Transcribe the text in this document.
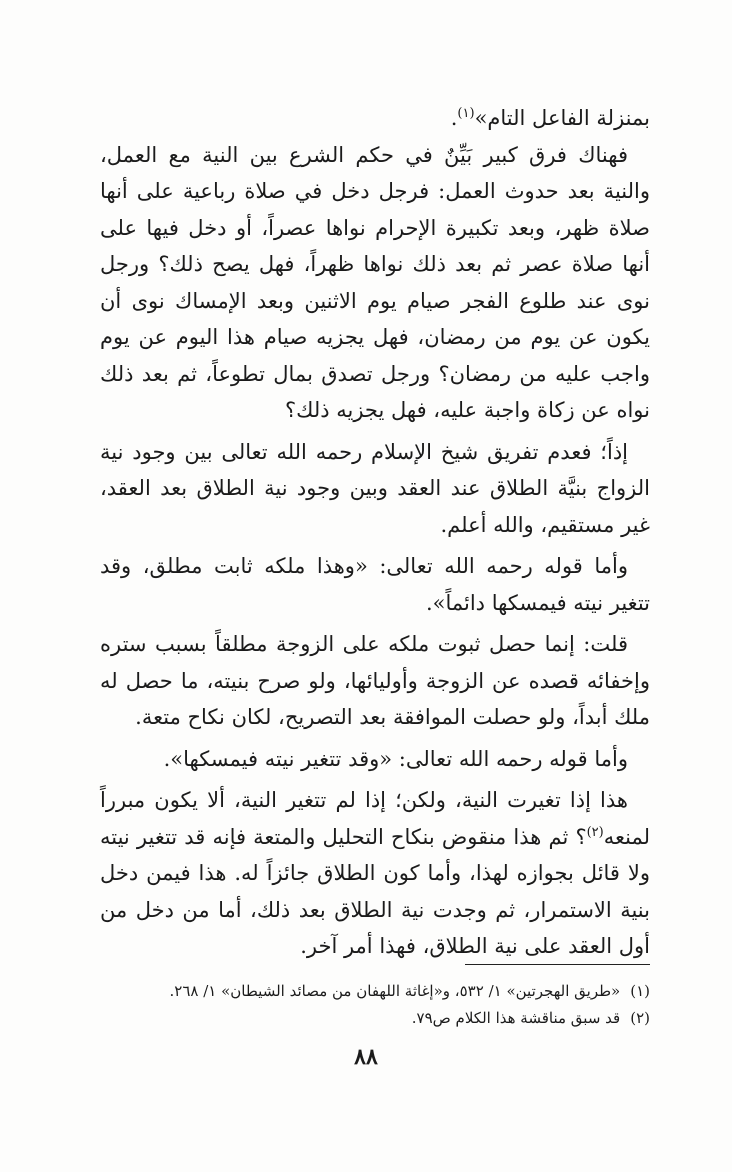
بمنزلة الفاعل التام»$^{(١)}$.

فهناك فرق كبير بَيِّنٌ في حكم الشرع بين النية مع العمل، والنية بعد حدوث العمل: فرجل دخل في صلاة رباعية على أنها صلاة ظهر، وبعد تكبيرة الإحرام نواها عصراً، أو دخل فيها على أنها صلاة عصر ثم بعد ذلك نواها ظهراً، فهل يصح ذلك؟ ورجل نوى عند طلوع الفجر صيام يوم الاثنين وبعد الإمساك نوى أن يكون عن يوم من رمضان، فهل يجزيه صيام هذا اليوم عن يوم واجب عليه من رمضان؟ ورجل تصدق بمال تطوعاً، ثم بعد ذلك نواه عن زكاة واجبة عليه، فهل يجزيه ذلك؟

إذاً؛ فعدم تفريق شيخ الإسلام رحمه الله تعالى بين وجود نية الزواج بنيَّة الطلاق عند العقد وبين وجود نية الطلاق بعد العقد، غير مستقيم، والله أعلم.

وأما قوله رحمه الله تعالى: «وهذا ملكه ثابت مطلق، وقد تتغير نيته فيمسكها دائماً».

قلت: إنما حصل ثبوت ملكه على الزوجة مطلقاً بسبب ستره وإخفائه قصده عن الزوجة وأوليائها، ولو صرح بنيته، ما حصل له ملك أبداً، ولو حصلت الموافقة بعد التصريح، لكان نكاح متعة.

وأما قوله رحمه الله تعالى: «وقد تتغير نيته فيمسكها».

هذا إذا تغيرت النية، ولكن؛ إذا لم تتغير النية، ألا يكون مبرراً لمنعه$^{(٢)}$؟ ثم هذا منقوض بنكاح التحليل والمتعة فإنه قد تتغير نيته ولا قائل بجوازه لهذا، وأما كون الطلاق جائزاً له. هذا فيمن دخل بنية الاستمرار، ثم وجدت نية الطلاق بعد ذلك، أما من دخل من أول العقد على نية الطلاق، فهذا أمر آخر.

(١)
«طريق الهجرتين» ١/ ٥٣٢، و«إغاثة اللهفان من مصائد الشيطان» ١/ ٢٦٨.
(٢)
قد سبق مناقشة هذا الكلام ص٧٩.
٨٨
